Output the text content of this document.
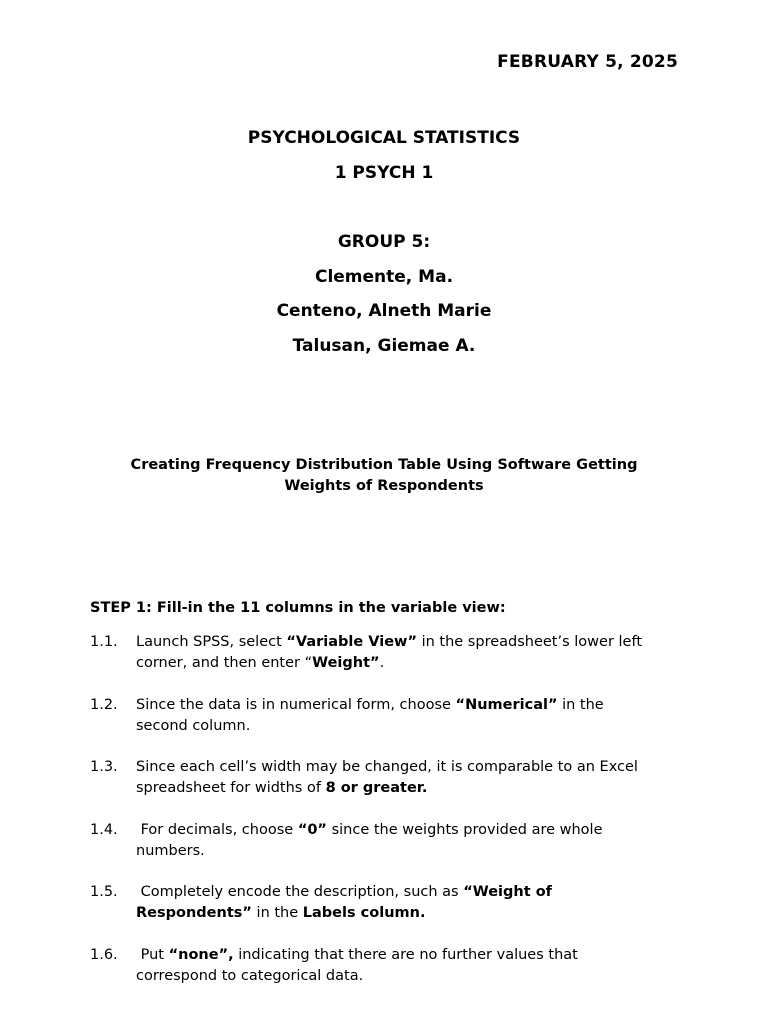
FEBRUARY 5, 2025
PSYCHOLOGICAL STATISTICS
1 PSYCH 1
GROUP 5:
Clemente, Ma.
Centeno, Alneth Marie
Talusan, Giemae A.
Creating Frequency Distribution Table Using Software Getting Weights of Respondents
STEP 1: Fill-in the 11 columns in the variable view:
1.1. Launch SPSS, select “Variable View” in the spreadsheet’s lower left
corner, and then enter “Weight”.
1.2. Since the data is in numerical form, choose “Numerical” in the
second column.
1.3. Since each cell’s width may be changed, it is comparable to an Excel
spreadsheet for widths of 8 or greater.
1.4. For decimals, choose “0” since the weights provided are whole
numbers.
1.5. Completely encode the description, such as “Weight of
Respondents” in the Labels column.
1.6. Put “none”, indicating that there are no further values that
correspond to categorical data.
